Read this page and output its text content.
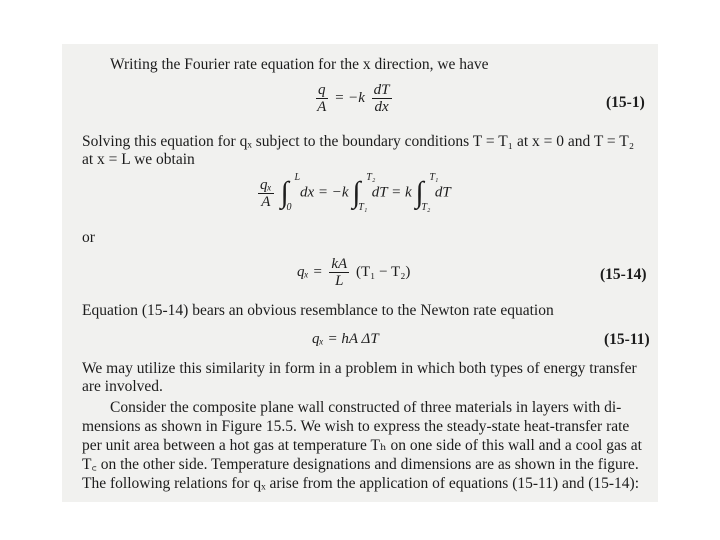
Writing the Fourier rate equation for the x direction, we have
$\frac{q}{A} = -k \frac{dT}{dx}$	(15-1)
Solving this equation for qₓ subject to the boundary conditions T = T₁ at x = 0 and T = T₂
at x = L we obtain
$\frac{\text{qₓ}}{A}$ ∫ L
0
dx = −k ∫ T₂
T₁
dT = k ∫ T₁
T₂
dT
or
$q_x = \frac{kA}{L} (T_1 - T_2)$	(15-14)
Equation (15-14) bears an obvious resemblance to the Newton rate equation
qₓ = hA ΔT	(15-11)
We may utilize this similarity in form in a problem in which both types of energy transfer
are involved.
Consider the composite plane wall constructed of three materials in layers with di-
mensions as shown in Figure 15.5. We wish to express the steady-state heat-transfer rate
per unit area between a hot gas at temperature Tₕ on one side of this wall and a cool gas at
T꜀ on the other side. Temperature designations and dimensions are as shown in the figure.
The following relations for qₓ arise from the application of equations (15-11) and (15-14):
